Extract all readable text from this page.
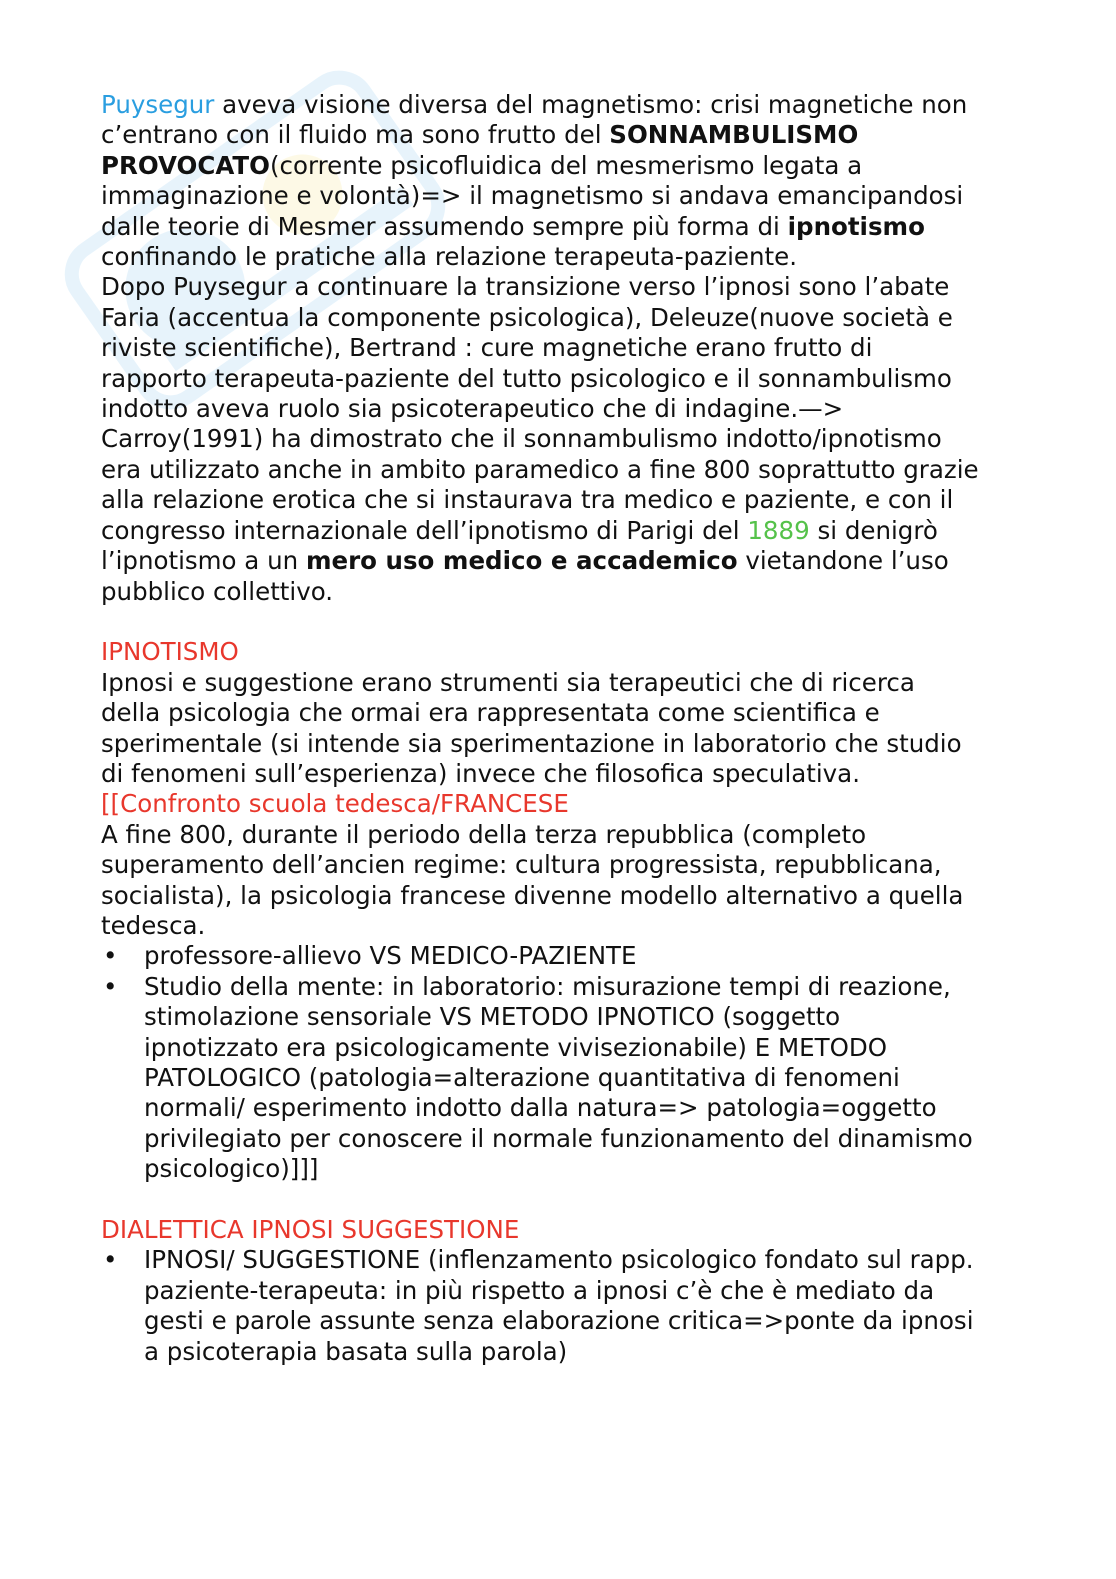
Puysegur aveva visione diversa del magnetismo: crisi magnetiche non c’entrano con il fluido ma sono frutto del SONNAMBULISMO PROVOCATO(corrente psicofluidica del mesmerismo legata a immaginazione e volontà)=> il magnetismo si andava emancipandosi dalle teorie di Mesmer assumendo sempre più forma di ipnotismo confinando le pratiche alla relazione terapeuta-paziente.

Dopo Puysegur a continuare la transizione verso l’ipnosi sono l’abate Faria (accentua la componente psicologica), Deleuze(nuove società e riviste scientifiche), Bertrand : cure magnetiche erano frutto di rapporto terapeuta-paziente del tutto psicologico e il sonnambulismo indotto aveva ruolo sia psicoterapeutico che di indagine.—> Carroy(1991) ha dimostrato che il sonnambulismo indotto/ipnotismo era utilizzato anche in ambito paramedico a fine 800 soprattutto grazie alla relazione erotica che si instaurava tra medico e paziente, e con il congresso internazionale dell’ipnotismo di Parigi del 1889 si denigrò l’ipnotismo a un mero uso medico e accademico vietandone l’uso pubblico collettivo.

IPNOTISMO

Ipnosi e suggestione erano strumenti sia terapeutici che di ricerca della psicologia che ormai era rappresentata come scientifica e sperimentale (si intende sia sperimentazione in laboratorio che studio di fenomeni sull’esperienza) invece che filosofica speculativa.

[[Confronto scuola tedesca/FRANCESE

A fine 800, durante il periodo della terza repubblica (completo superamento dell’ancien regime: cultura progressista, repubblicana, socialista), la psicologia francese divenne modello alternativo a quella tedesca.

• professore-allievo VS MEDICO-PAZIENTE
• Studio della mente: in laboratorio: misurazione tempi di reazione, stimolazione sensoriale VS METODO IPNOTICO (soggetto ipnotizzato era psicologicamente vivisezionabile) E METODO PATOLOGICO (patologia=alterazione quantitativa di fenomeni normali/ esperimento indotto dalla natura=> patologia=oggetto privilegiato per conoscere il normale funzionamento del dinamismo psicologico)]]]

DIALETTICA IPNOSI SUGGESTIONE

• IPNOSI/ SUGGESTIONE (inflenzamento psicologico fondato sul rapp. paziente-terapeuta: in più rispetto a ipnosi c’è che è mediato da gesti e parole assunte senza elaborazione critica=>ponte da ipnosi a psicoterapia basata sulla parola)
